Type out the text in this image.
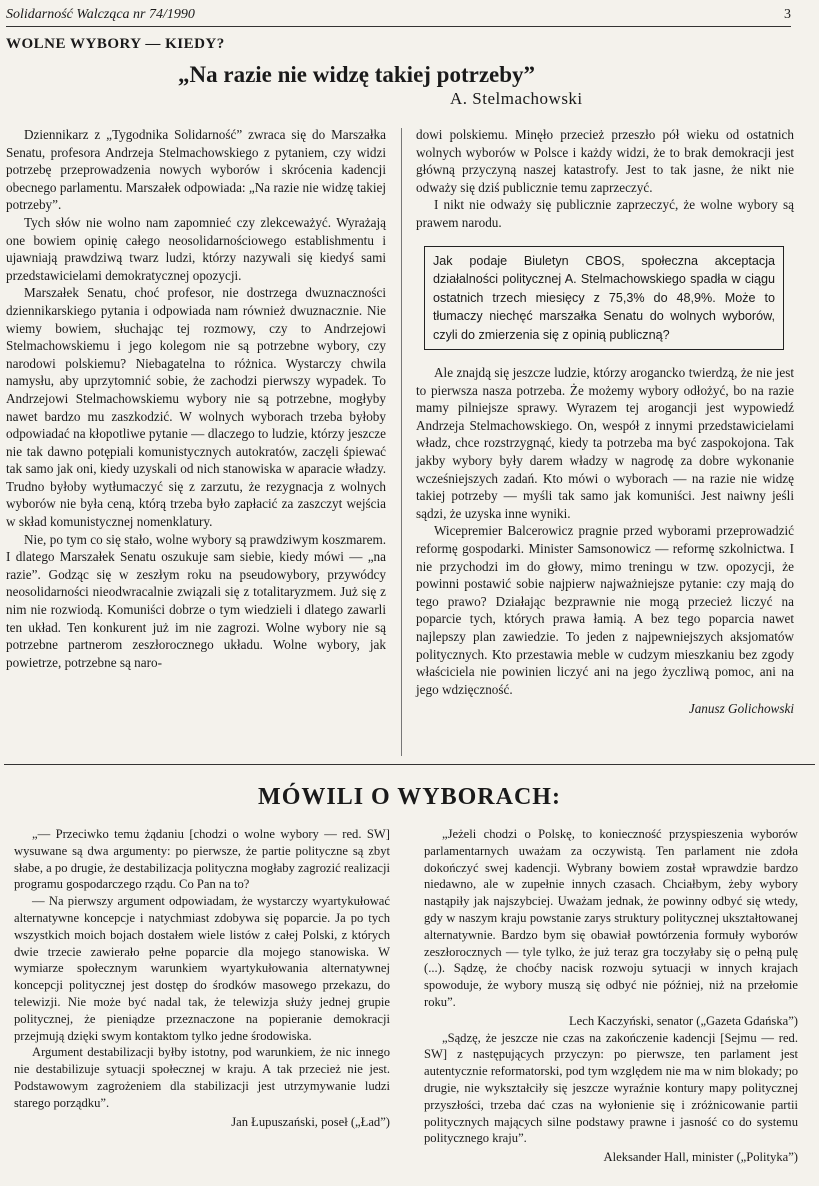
Solidarność Walcząca nr 74/1990	3
WOLNE WYBORY — KIEDY?
„Na razie nie widzę takiej potrzeby”
A. Stelmachowski

Dziennikarz z „Tygodnika Solidarność” zwraca się do Marszałka Senatu, profesora Andrzeja Stelmachowskiego z pytaniem, czy widzi potrzebę przeprowadzenia nowych wyborów i skrócenia kadencji obecnego parlamentu. Marszałek odpowiada: „Na razie nie widzę takiej potrzeby”.

Tych słów nie wolno nam zapomnieć czy zlekceważyć. Wyrażają one bowiem opinię całego neosolidarnościowego establishmentu i ujawniają prawdziwą twarz ludzi, którzy nazywali się kiedyś sami przedstawicielami demokratycznej opozycji.

Marszałek Senatu, choć profesor, nie dostrzega dwuznaczności dziennikarskiego pytania i odpowiada nam również dwuznacznie. Nie wiemy bowiem, słuchając tej rozmowy, czy to Andrzejowi Stelmachowskiemu i jego kolegom nie są potrzebne wybory, czy narodowi polskiemu? Niebagatelna to różnica. Wystarczy chwila namysłu, aby uprzytomnić sobie, że zachodzi pierwszy wypadek. To Andrzejowi Stelmachowskiemu wybory nie są potrzebne, mogłyby nawet bardzo mu zaszkodzić. W wolnych wyborach trzeba byłoby odpowiadać na kłopotliwe pytanie — dlaczego to ludzie, którzy jeszcze nie tak dawno potępiali komunistycznych autokratów, zaczęli śpiewać tak samo jak oni, kiedy uzyskali od nich stanowiska w aparacie władzy. Trudno byłoby wytłumaczyć się z zarzutu, że rezygnacja z wolnych wyborów nie była ceną, którą trzeba było zapłacić za zaszczyt wejścia w skład komunistycznej nomenklatury.

Nie, po tym co się stało, wolne wybory są prawdziwym koszmarem. I dlatego Marszałek Senatu oszukuje sam siebie, kiedy mówi — „na razie”. Godząc się w zeszłym roku na pseudowybory, przywódcy neosolidarności nieodwracalnie związali się z totalitaryzmem. Już się z nim nie rozwiodą. Komuniści dobrze o tym wiedzieli i dlatego zawarli ten układ. Ten konkurent już im nie zagrozi. Wolne wybory nie są potrzebne partnerom zeszłorocznego układu. Wolne wybory, jak powietrze, potrzebne są naro-

dowi polskiemu. Minęło przecież przeszło pół wieku od ostatnich wolnych wyborów w Polsce i każdy widzi, że to brak demokracji jest główną przyczyną naszej katastrofy. Jest to tak jasne, że nikt nie odważy się dziś publicznie temu zaprzeczyć.

I nikt nie odważy się publicznie zaprzeczyć, że wolne wybory są prawem narodu.

Jak podaje Biuletyn CBOS, społeczna akceptacja działalności politycznej A. Stelmachowskiego spadła w ciągu ostatnich trzech miesięcy z 75,3% do 48,9%. Może to tłumaczy niechęć marszałka Senatu do wolnych wyborów, czyli do zmierzenia się z opinią publiczną?

Ale znajdą się jeszcze ludzie, którzy arogancko twierdzą, że nie jest to pierwsza nasza potrzeba. Że możemy wybory odłożyć, bo na razie mamy pilniejsze sprawy. Wyrazem tej arogancji jest wypowiedź Andrzeja Stelmachowskiego. On, wespół z innymi przedstawicielami władz, chce rozstrzygnąć, kiedy ta potrzeba ma być zaspokojona. Tak jakby wybory były darem władzy w nagrodę za dobre wykonanie wcześniejszych zadań. Kto mówi o wyborach — na razie nie widzę takiej potrzeby — myśli tak samo jak komuniści. Jest naiwny jeśli sądzi, że uzyska inne wyniki.

Wicepremier Balcerowicz pragnie przed wyborami przeprowadzić reformę gospodarki. Minister Samsonowicz — reformę szkolnictwa. I nie przychodzi im do głowy, mimo treningu w tzw. opozycji, że powinni postawić sobie najpierw najważniejsze pytanie: czy mają do tego prawo? Działając bezprawnie nie mogą przecież liczyć na poparcie tych, których prawa łamią. A bez tego poparcia nawet najlepszy plan zawiedzie. To jeden z najpewniejszych aksjomatów politycznych. Kto przestawia meble w cudzym mieszkaniu bez zgody właściciela nie powinien liczyć ani na jego życzliwą pomoc, ani na jego wdzięczność.

Janusz Golichowski
MÓWILI O WYBORACH:

„— Przeciwko temu żądaniu [chodzi o wolne wybory — red. SW] wysuwane są dwa argumenty: po pierwsze, że partie polityczne są zbyt słabe, a po drugie, że destabilizacja polityczna mogłaby zagrozić realizacji programu gospodarczego rządu. Co Pan na to?

— Na pierwszy argument odpowiadam, że wystarczy wyartykułować alternatywne koncepcje i natychmiast zdobywa się poparcie. Ja po tych wszystkich moich bojach dostałem wiele listów z całej Polski, z których dwie trzecie zawierało pełne poparcie dla mojego stanowiska. W wymiarze społecznym warunkiem wyartykułowania alternatywnej koncepcji politycznej jest dostęp do środków masowego przekazu, do telewizji. Nie może być nadal tak, że telewizja służy jednej grupie politycznej, że pieniądze przeznaczone na popieranie demokracji przejmują dzięki swym kontaktom tylko jedne środowiska.

Argument destabilizacji byłby istotny, pod warunkiem, że nic innego nie destabilizuje sytuacji społecznej w kraju. A tak przecież nie jest. Podstawowym zagrożeniem dla stabilizacji jest utrzymywanie ludzi starego porządku”.

Jan Łupuszański, poseł („Ład”)

„Jeżeli chodzi o Polskę, to konieczność przyspieszenia wyborów parlamentarnych uważam za oczywistą. Ten parlament nie zdoła dokończyć swej kadencji. Wybrany bowiem został wprawdzie bardzo niedawno, ale w zupełnie innych czasach. Chciałbym, żeby wybory nastąpiły jak najszybciej. Uważam jednak, że powinny odbyć się wtedy, gdy w naszym kraju powstanie zarys struktury politycznej ukształtowanej alternatywnie. Bardzo bym się obawiał powtórzenia formuły wyborów zeszłorocznych — tyle tylko, że już teraz gra toczyłaby się o pełną pulę (...). Sądzę, że choćby nacisk rozwoju sytuacji w innych krajach spowoduje, że wybory muszą się odbyć nie później, niż na przełomie roku”.

Lech Kaczyński, senator („Gazeta Gdańska”)

„Sądzę, że jeszcze nie czas na zakończenie kadencji [Sejmu — red. SW] z następujących przyczyn: po pierwsze, ten parlament jest autentycznie reformatorski, pod tym względem nie ma w nim blokady; po drugie, nie wykształciły się jeszcze wyraźnie kontury mapy politycznej przyszłości, trzeba dać czas na wyłonienie się i zróżnicowanie partii politycznych mających silne podstawy prawne i jasność co do systemu politycznego kraju”.

Aleksander Hall, minister („Polityka”)
